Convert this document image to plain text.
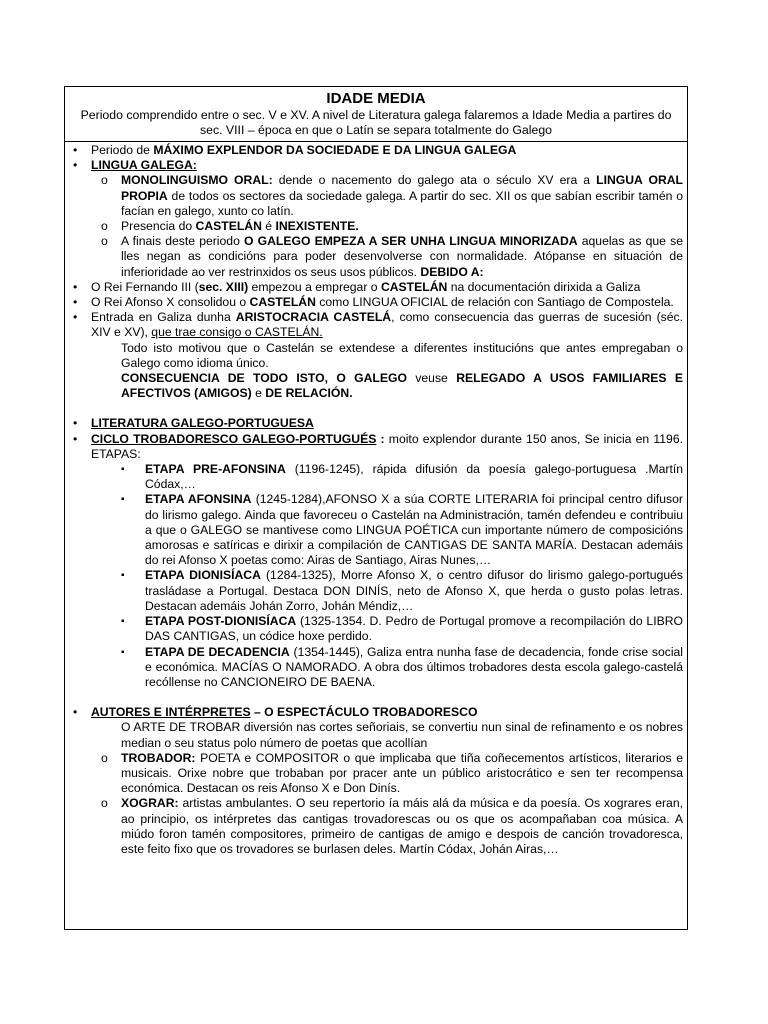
IDADE MEDIA
Periodo comprendido entre o sec. V e XV. A nivel de Literatura galega falaremos a Idade Media a partires do sec. VIII – época en que o Latín se separa totalmente do Galego
•	Periodo de MÁXIMO EXPLENDOR DA SOCIEDADE E DA LINGUA GALEGA
•	LINGUA GALEGA:
o	MONOLINGUISMO ORAL: dende o nacemento do galego ata o século XV era a LINGUA ORAL PROPIA de todos os sectores da sociedade galega. A partir do sec. XII os que sabían escribir tamén o facían en galego, xunto co latín.
o	Presencia do CASTELÁN é INEXISTENTE.
o	A finais deste periodo O GALEGO EMPEZA A SER UNHA LINGUA MINORIZADA aquelas as que se lles negan as condicións para poder desenvolverse con normalidade. Atópanse en situación de inferioridade ao ver restrinxidos os seus usos públicos. DEBIDO A:
•	O Rei Fernando III (sec. XIII) empezou a empregar o CASTELÁN na documentación dirixida a Galiza
•	O Rei Afonso X consolidou o CASTELÁN como LINGUA OFICIAL de relación con Santiago de Compostela.
•	Entrada en Galiza dunha ARISTOCRACIA CASTELÁ, como consecuencia das guerras de sucesión (séc. XIV e XV), que trae consigo o CASTELÁN.
Todo isto motivou que o Castelán se extendese a diferentes institucións que antes empregaban o Galego como idioma único.
CONSECUENCIA DE TODO ISTO, O GALEGO veuse RELEGADO A USOS FAMILIARES E AFECTIVOS (AMIGOS) e DE RELACIÓN.
•	LITERATURA GALEGO-PORTUGUESA
•	CICLO TROBADORESCO GALEGO-PORTUGUÉS : moito explendor durante 150 anos, Se inicia en 1196. ETAPAS:
▪	ETAPA PRE-AFONSINA (1196-1245), rápida difusión da poesía galego-portuguesa .Martín Códax,…
▪	ETAPA AFONSINA (1245-1284),AFONSO X a súa CORTE LITERARIA foi principal centro difusor do lirismo galego. Ainda que favoreceu o Castelán na Administración, tamén defendeu e contribuiu a que o GALEGO se mantivese como LINGUA POÉTICA cun importante número de composicións amorosas e satíricas e dirixir a compilación de CANTIGAS DE SANTA MARÍA. Destacan ademáis do rei Afonso X poetas como: Airas de Santiago, Airas Nunes,…
▪	ETAPA DIONISÍACA (1284-1325), Morre Afonso X, o centro difusor do lirismo galego-portugués trasládase a Portugal. Destaca DON DINÍS, neto de Afonso X, que herda o gusto polas letras. Destacan ademáis Johán Zorro, Johán Méndiz,…
▪	ETAPA POST-DIONISÍACA (1325-1354. D. Pedro de Portugal promove a recompilación do LIBRO DAS CANTIGAS, un códice hoxe perdido.
▪	ETAPA DE DECADENCIA (1354-1445), Galiza entra nunha fase de decadencia, fonde crise social e económica. MACÍAS O NAMORADO. A obra dos últimos trobadores desta escola galego-castelá recóllense no CANCIONEIRO DE BAENA.
•	AUTORES E INTÉRPRETES – O ESPECTÁCULO TROBADORESCO
O ARTE DE TROBAR diversión nas cortes señoriais, se convertiu nun sinal de refinamento e os nobres median o seu status polo número de poetas que acollían
o	TROBADOR: POETA e COMPOSITOR o que implicaba que tiña coñecementos artísticos, literarios e musicais. Orixe nobre que trobaban por pracer ante un público aristocrático e sen ter recompensa económica. Destacan os reis Afonso X e Don Dinís.
o	XOGRAR: artistas ambulantes. O seu repertorio ía máis alá da música e da poesía. Os xograres eran, ao principio, os intérpretes das cantigas trovadorescas ou os que os acompañaban coa música. A miúdo foron tamén compositores, primeiro de cantigas de amigo e despois de canción trovadoresca, este feito fixo que os trovadores se burlasen deles. Martín Códax, Johán Airas,…
